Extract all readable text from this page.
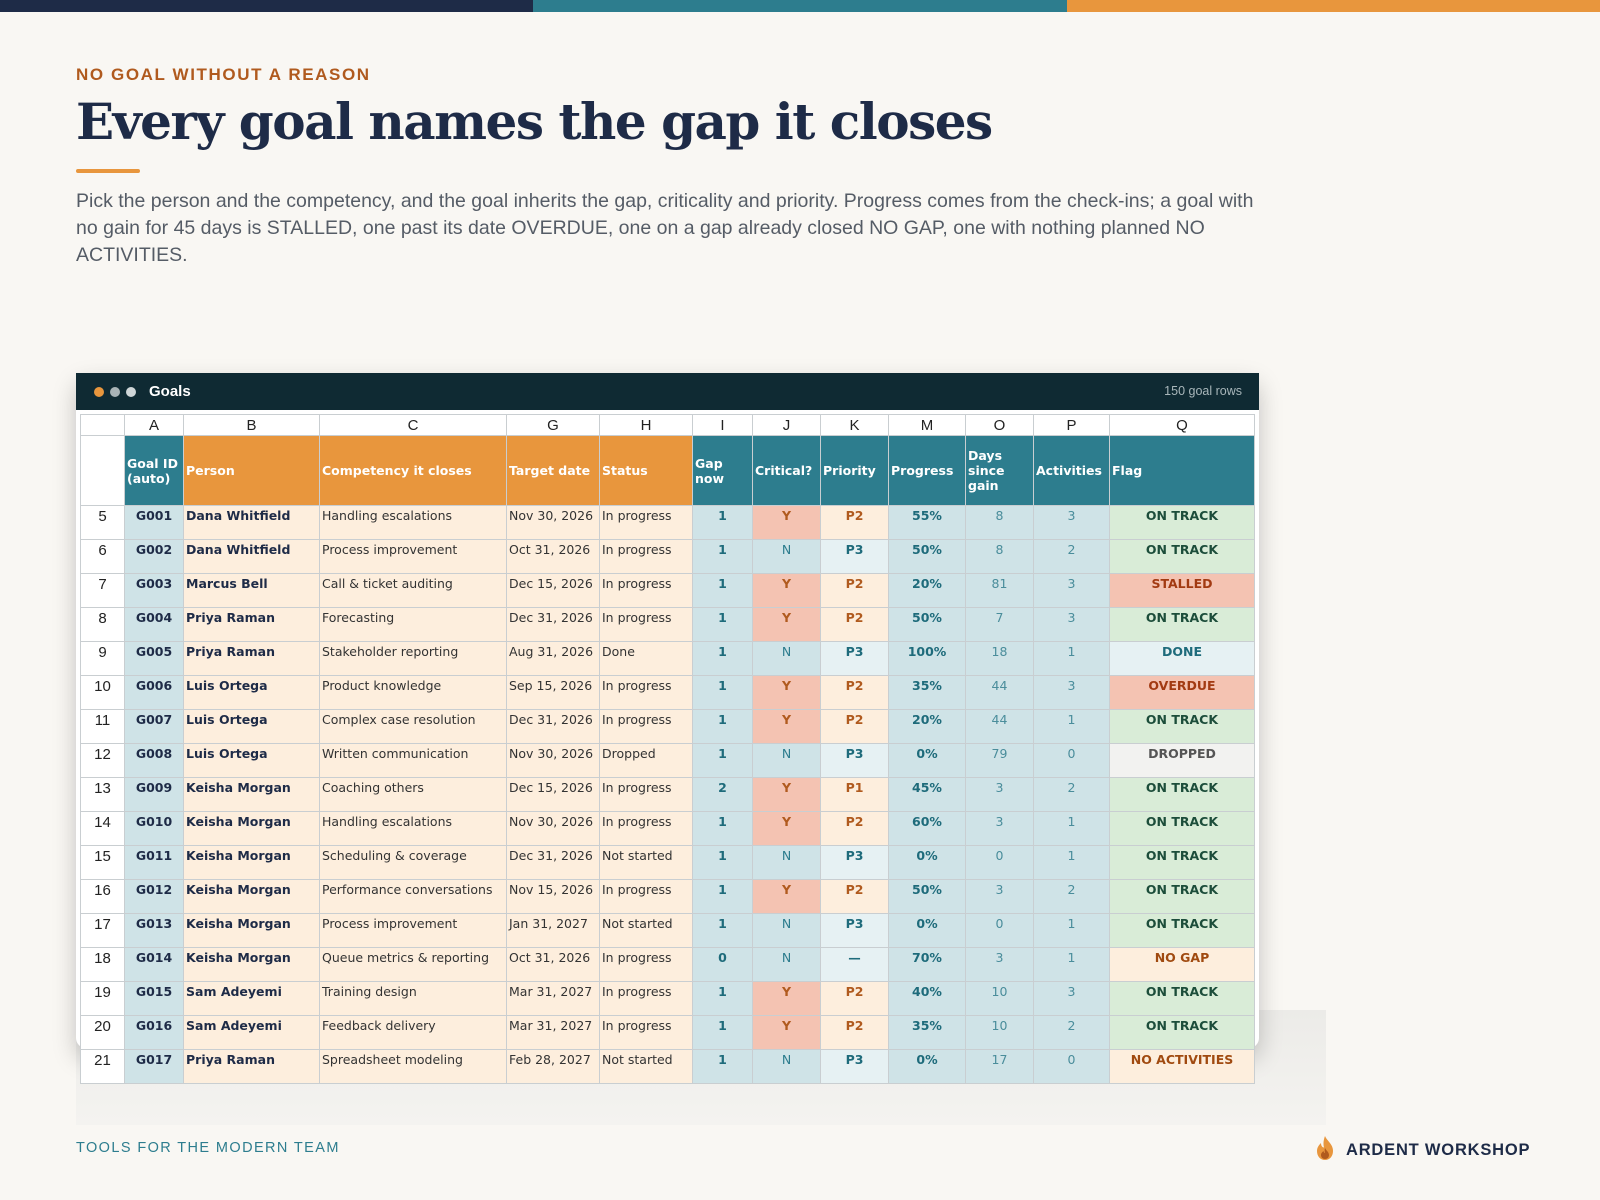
NO GOAL WITHOUT A REASON
Every goal names the gap it closes
Pick the person and the competency, and the goal inherits the gap, criticality and priority. Progress comes from the check-ins; a goal with no gain for 45 days is STALLED, one past its date OVERDUE, one on a gap already closed NO GAP, one with nothing planned NO ACTIVITIES.
Goals	150 goal rows
	A	B	C	G	H	I	J	K	M	O	P	Q
4	Goal ID (auto)	Person	Competency it closes	Target date	Status	Gap now	Critical?	Priority	Progress	Days since gain	Activities	Flag
5	G001	Dana Whitfield	Handling escalations	Nov 30, 2026	In progress	1	Y	P2	55%	8	3	ON TRACK
6	G002	Dana Whitfield	Process improvement	Oct 31, 2026	In progress	1	N	P3	50%	8	2	ON TRACK
7	G003	Marcus Bell	Call & ticket auditing	Dec 15, 2026	In progress	1	Y	P2	20%	81	3	STALLED
8	G004	Priya Raman	Forecasting	Dec 31, 2026	In progress	1	Y	P2	50%	7	3	ON TRACK
9	G005	Priya Raman	Stakeholder reporting	Aug 31, 2026	Done	1	N	P3	100%	18	1	DONE
10	G006	Luis Ortega	Product knowledge	Sep 15, 2026	In progress	1	Y	P2	35%	44	3	OVERDUE
11	G007	Luis Ortega	Complex case resolution	Dec 31, 2026	In progress	1	Y	P2	20%	44	1	ON TRACK
12	G008	Luis Ortega	Written communication	Nov 30, 2026	Dropped	1	N	P3	0%	79	0	DROPPED
13	G009	Keisha Morgan	Coaching others	Dec 15, 2026	In progress	2	Y	P1	45%	3	2	ON TRACK
14	G010	Keisha Morgan	Handling escalations	Nov 30, 2026	In progress	1	Y	P2	60%	3	1	ON TRACK
15	G011	Keisha Morgan	Scheduling & coverage	Dec 31, 2026	Not started	1	N	P3	0%	0	1	ON TRACK
16	G012	Keisha Morgan	Performance conversations	Nov 15, 2026	In progress	1	Y	P2	50%	3	2	ON TRACK
17	G013	Keisha Morgan	Process improvement	Jan 31, 2027	Not started	1	N	P3	0%	0	1	ON TRACK
18	G014	Keisha Morgan	Queue metrics & reporting	Oct 31, 2026	In progress	0	N	—	70%	3	1	NO GAP
19	G015	Sam Adeyemi	Training design	Mar 31, 2027	In progress	1	Y	P2	40%	10	3	ON TRACK
20	G016	Sam Adeyemi	Feedback delivery	Mar 31, 2027	In progress	1	Y	P2	35%	10	2	ON TRACK
21	G017	Priya Raman	Spreadsheet modeling	Feb 28, 2027	Not started	1	N	P3	0%	17	0	NO ACTIVITIES
TOOLS FOR THE MODERN TEAM	ARDENT WORKSHOP
